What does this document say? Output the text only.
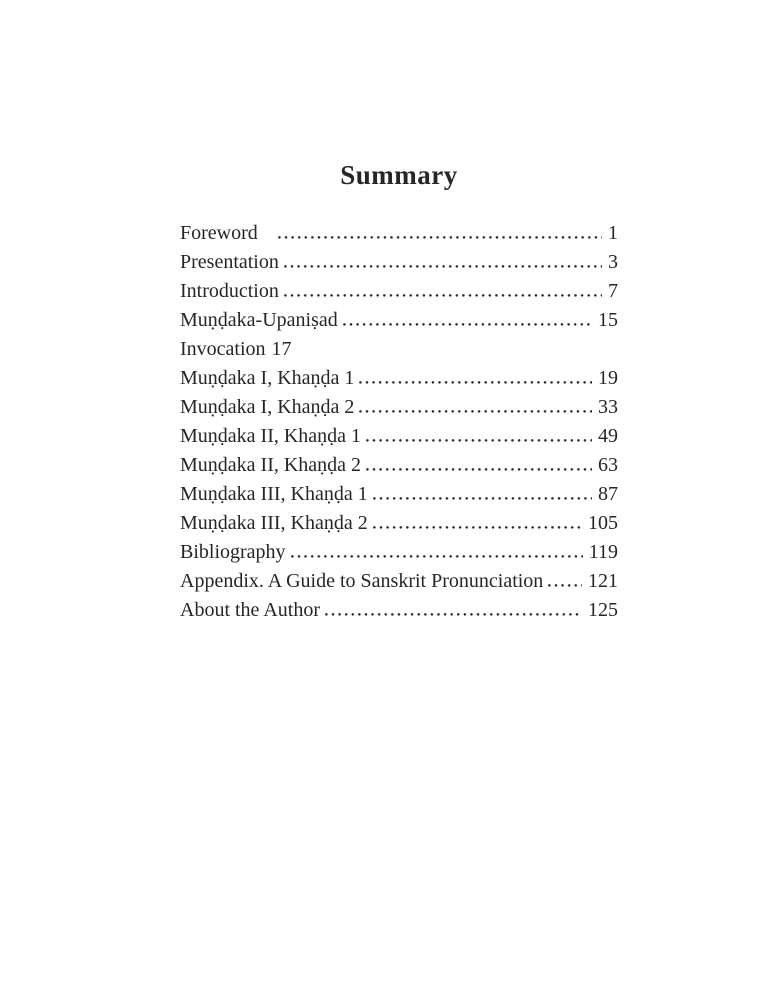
Summary
Foreword	1
Presentation	3
Introduction	7
Muṇḍaka-Upaniṣad	15
Invocation 17
Muṇḍaka I, Khaṇḍa 1	19
Muṇḍaka I, Khaṇḍa 2	33
Muṇḍaka II, Khaṇḍa 1	49
Muṇḍaka II, Khaṇḍa 2	63
Muṇḍaka III, Khaṇḍa 1	87
Muṇḍaka III, Khaṇḍa 2	105
Bibliography	119
Appendix. A Guide to Sanskrit Pronunciation 121
About the Author	125
